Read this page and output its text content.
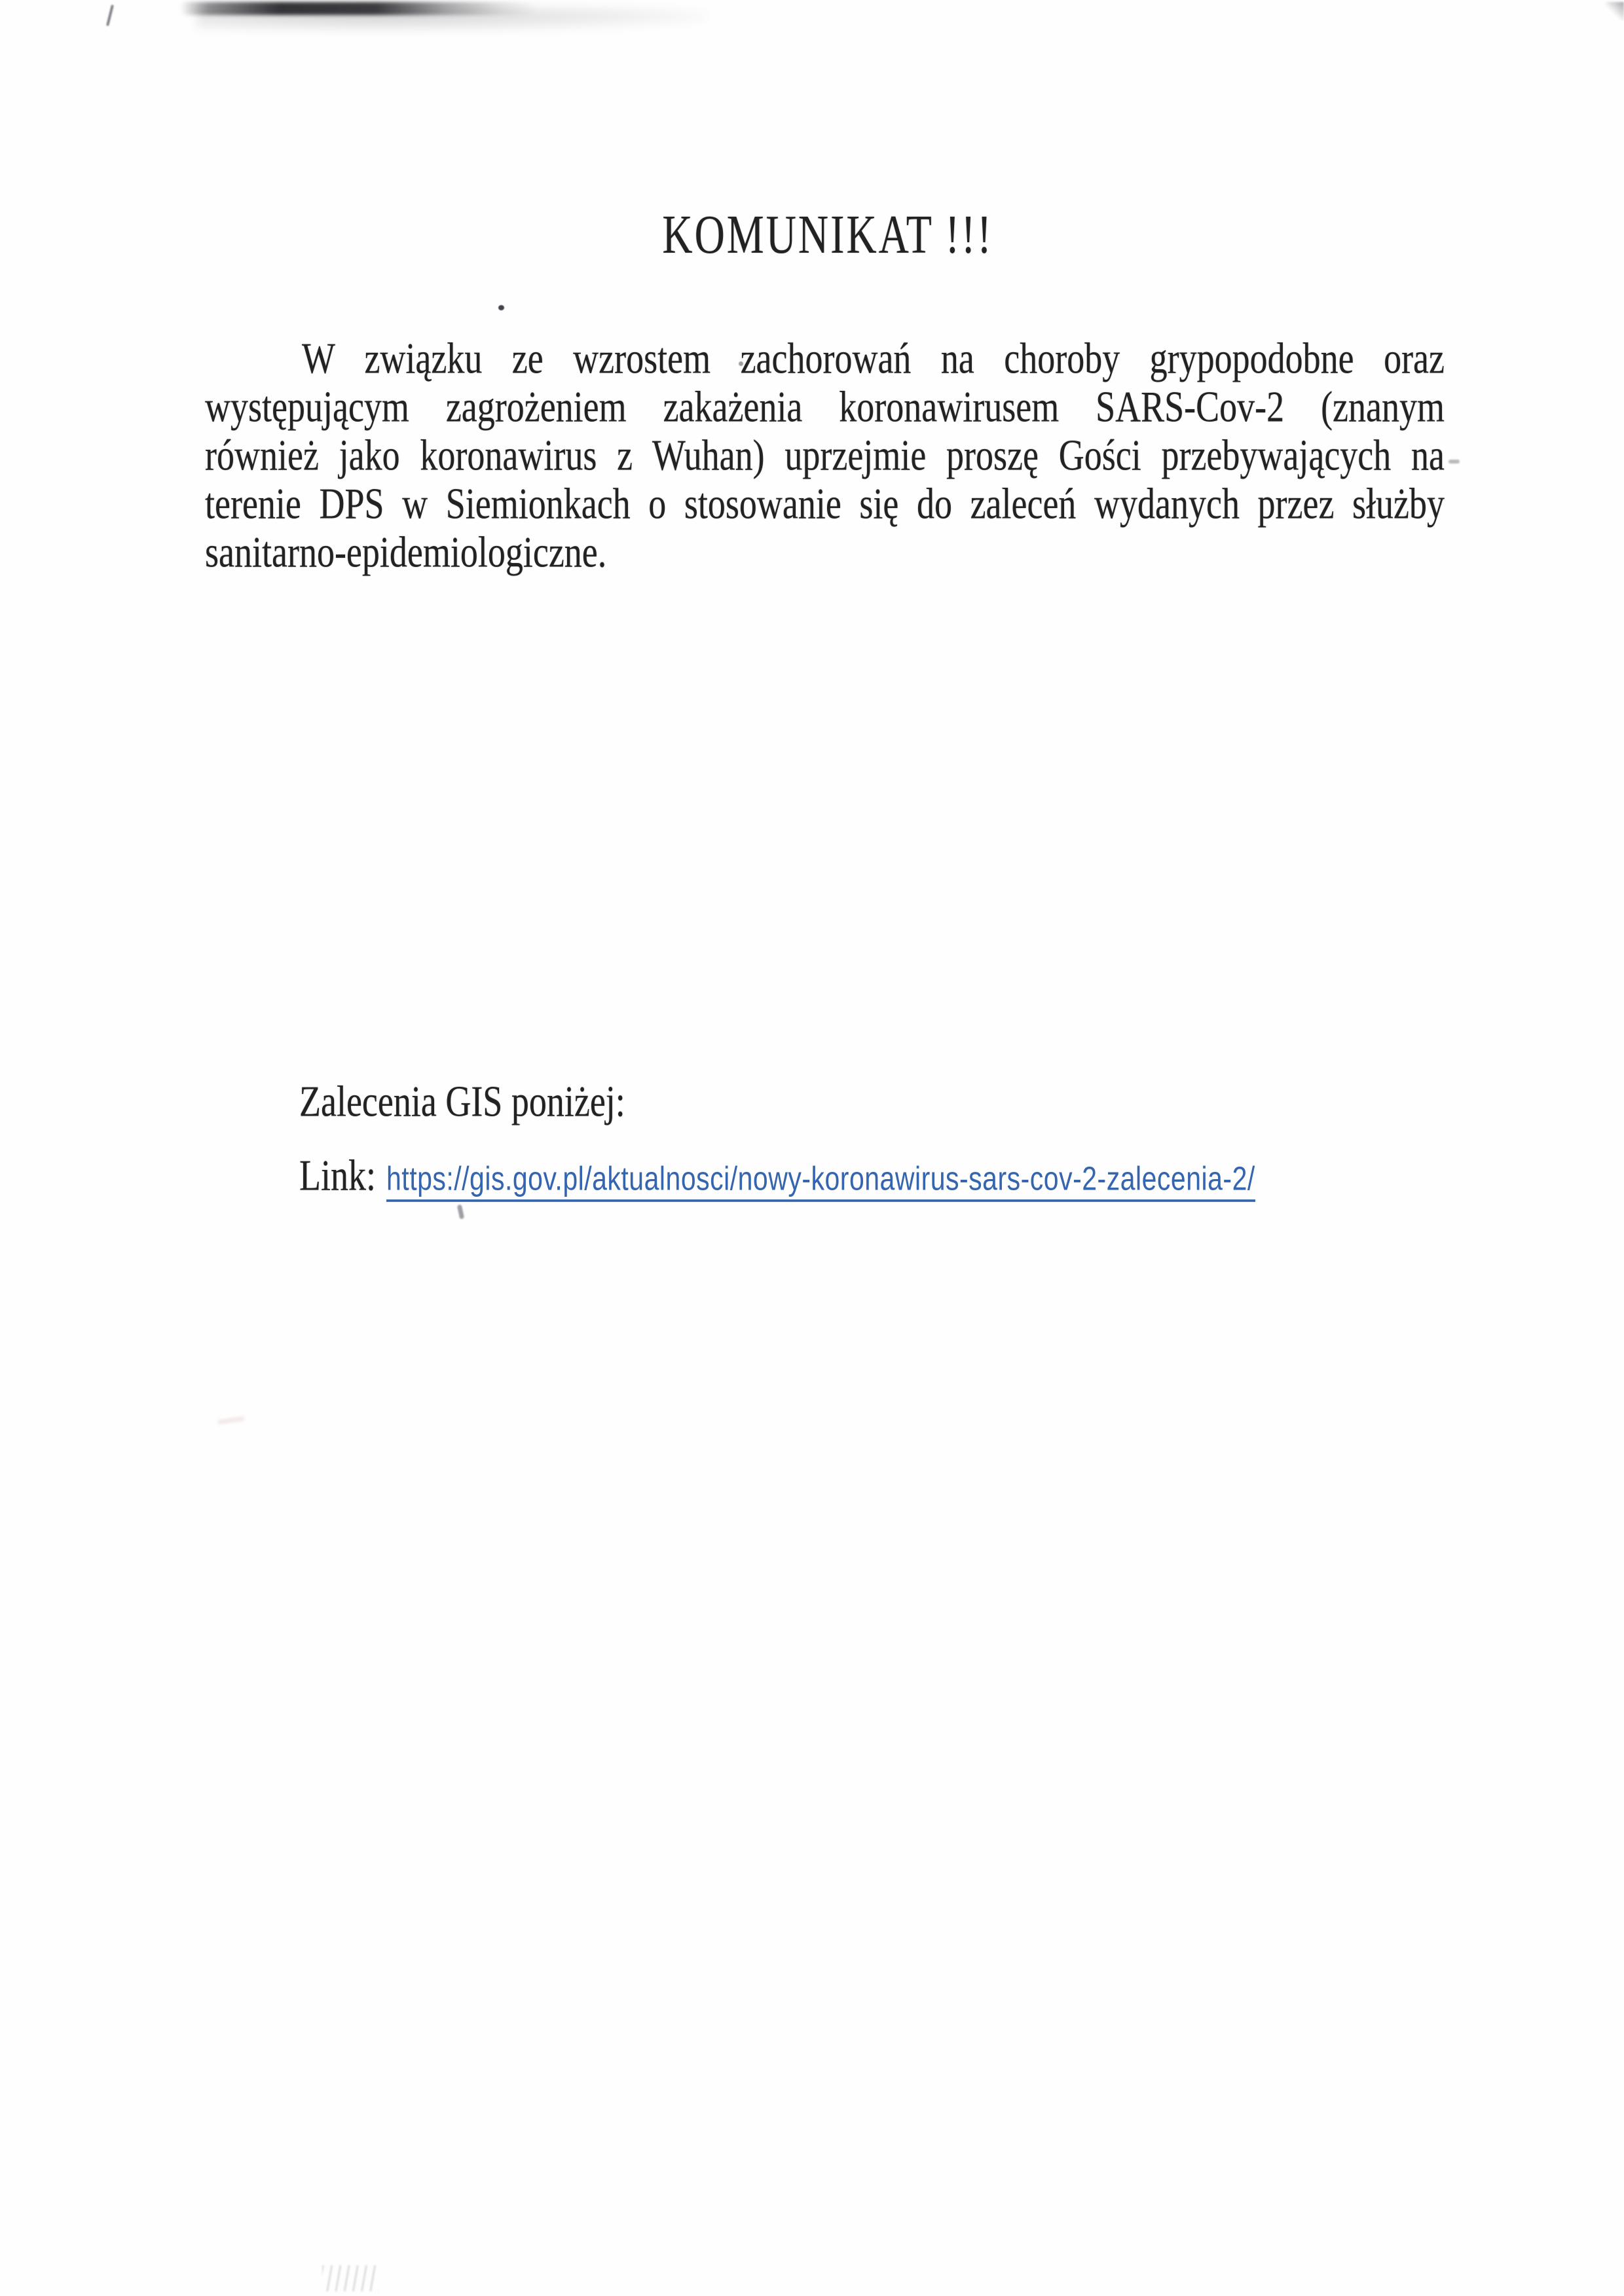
KOMUNIKAT !!!
W związku ze wzrostem zachorowań na choroby grypopodobne oraz
występującym zagrożeniem zakażenia koronawirusem SARS-Cov-2 (znanym
również jako koronawirus z Wuhan) uprzejmie proszę Gości przebywających na
terenie DPS w Siemionkach o stosowanie się do zaleceń wydanych przez służby
sanitarno-epidemiologiczne.
Zalecenia GIS poniżej:
Link: https://gis.gov.pl/aktualnosci/nowy-koronawirus-sars-cov-2-zalecenia-2/
